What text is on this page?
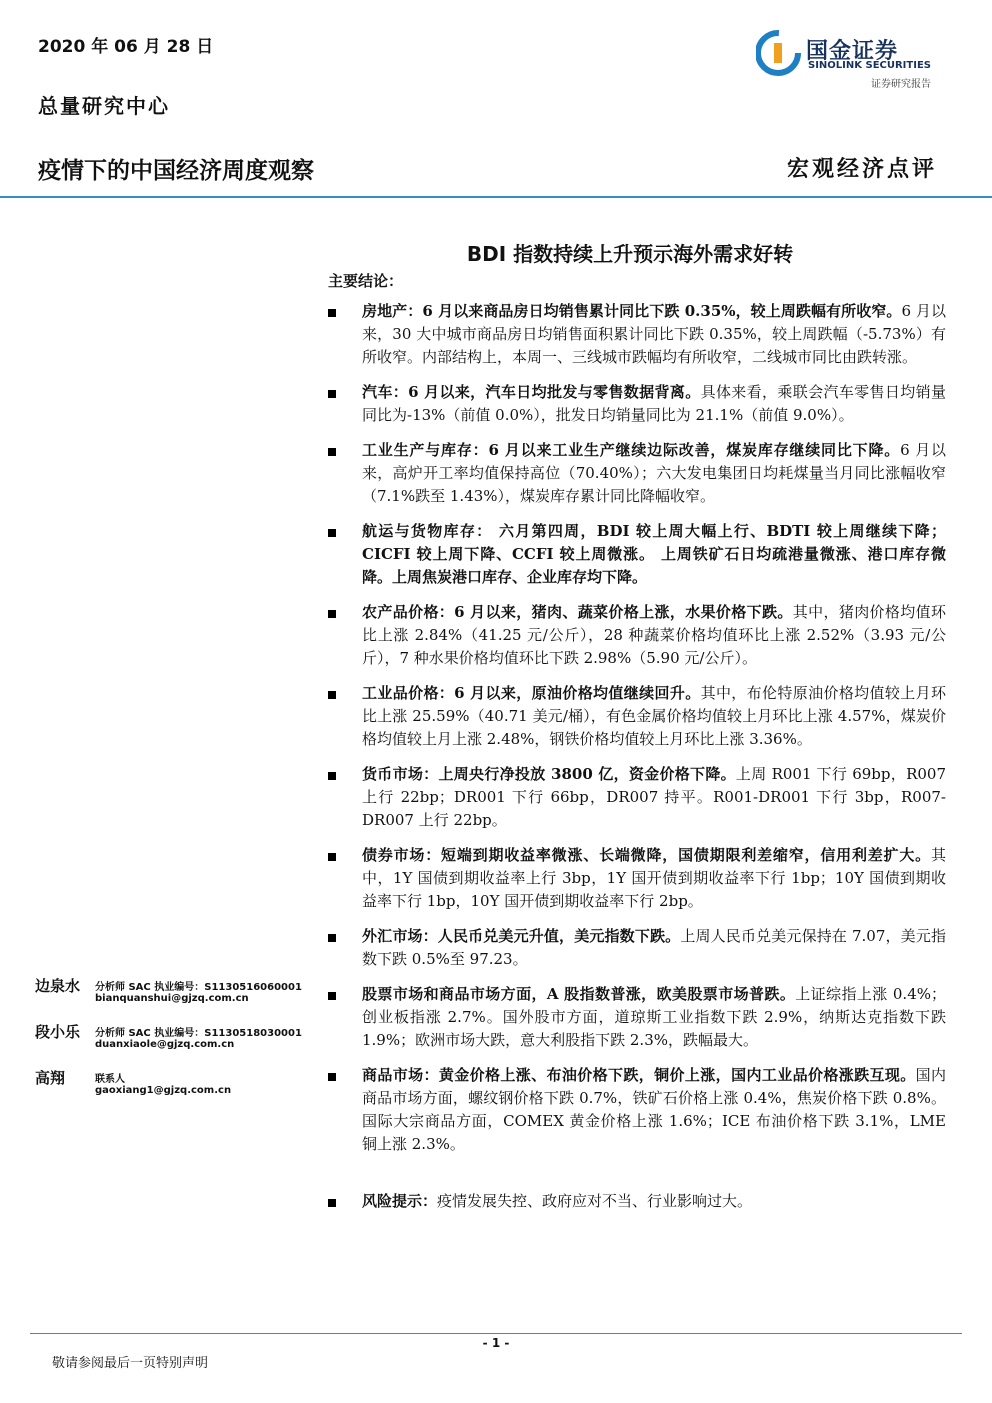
2020 年 06 月 28 日
总量研究中心
国金证券
SINOLINK SECURITIES
证券研究报告
疫情下的中国经济周度观察	宏观经济点评
BDI 指数持续上升预示海外需求好转
主要结论：
房地产：6 月以来商品房日均销售累计同比下跌 0.35%，较上周跌幅有所收窄。6 月以来，30 大中城市商品房日均销售面积累计同比下跌 0.35%，较上周跌幅（-5.73%）有所收窄。内部结构上，本周一、三线城市跌幅均有所收窄，二线城市同比由跌转涨。
汽车：6 月以来，汽车日均批发与零售数据背离。具体来看，乘联会汽车零售日均销量同比为-13%（前值 0.0%），批发日均销量同比为 21.1%（前值 9.0%）。
工业生产与库存：6 月以来工业生产继续边际改善，煤炭库存继续同比下降。6 月以来，高炉开工率均值保持高位（70.40%）；六大发电集团日均耗煤量当月同比涨幅收窄（7.1%跌至 1.43%），煤炭库存累计同比降幅收窄。
航运与货物库存： 六月第四周，BDI 较上周大幅上行、BDTI 较上周继续下降；CICFI 较上周下降、CCFI 较上周微涨。 上周铁矿石日均疏港量微涨、港口库存微降。上周焦炭港口库存、企业库存均下降。
农产品价格：6 月以来，猪肉、蔬菜价格上涨，水果价格下跌。其中，猪肉价格均值环比上涨 2.84%（41.25 元/公斤），28 种蔬菜价格均值环比上涨 2.52%（3.93 元/公斤），7 种水果价格均值环比下跌 2.98%（5.90 元/公斤）。
工业品价格：6 月以来，原油价格均值继续回升。其中，布伦特原油价格均值较上月环比上涨 25.59%（40.71 美元/桶），有色金属价格均值较上月环比上涨 4.57%，煤炭价格均值较上月上涨 2.48%，钢铁价格均值较上月环比上涨 3.36%。
货币市场：上周央行净投放 3800 亿，资金价格下降。上周 R001 下行 69bp，R007 上行 22bp；DR001 下行 66bp，DR007 持平。R001-DR001 下行 3bp，R007-DR007 上行 22bp。
债券市场：短端到期收益率微涨、长端微降，国债期限利差缩窄，信用利差扩大。其中，1Y 国债到期收益率上行 3bp，1Y 国开债到期收益率下行 1bp；10Y 国债到期收益率下行 1bp，10Y 国开债到期收益率下行 2bp。
外汇市场：人民币兑美元升值，美元指数下跌。上周人民币兑美元保持在 7.07，美元指数下跌 0.5%至 97.23。
股票市场和商品市场方面，A 股指数普涨，欧美股票市场普跌。上证综指上涨 0.4%；创业板指涨 2.7%。国外股市方面，道琼斯工业指数下跌 2.9%，纳斯达克指数下跌 1.9%；欧洲市场大跌，意大利股指下跌 2.3%，跌幅最大。
商品市场：黄金价格上涨、布油价格下跌，铜价上涨，国内工业品价格涨跌互现。国内商品市场方面，螺纹钢价格下跌 0.7%，铁矿石价格上涨 0.4%，焦炭价格下跌 0.8%。国际大宗商品方面，COMEX 黄金价格上涨 1.6%；ICE 布油价格下跌 3.1%，LME 铜上涨 2.3%。
风险提示：疫情发展失控、政府应对不当、行业影响过大。
边泉水 分析师 SAC 执业编号：S1130516060001
bianquanshui@gjzq.com.cn
段小乐 分析师 SAC 执业编号：S1130518030001
duanxiaole@gjzq.com.cn
高翔	联系人
gaoxiang1@gjzq.com.cn
- 1 -
敬请参阅最后一页特别声明
